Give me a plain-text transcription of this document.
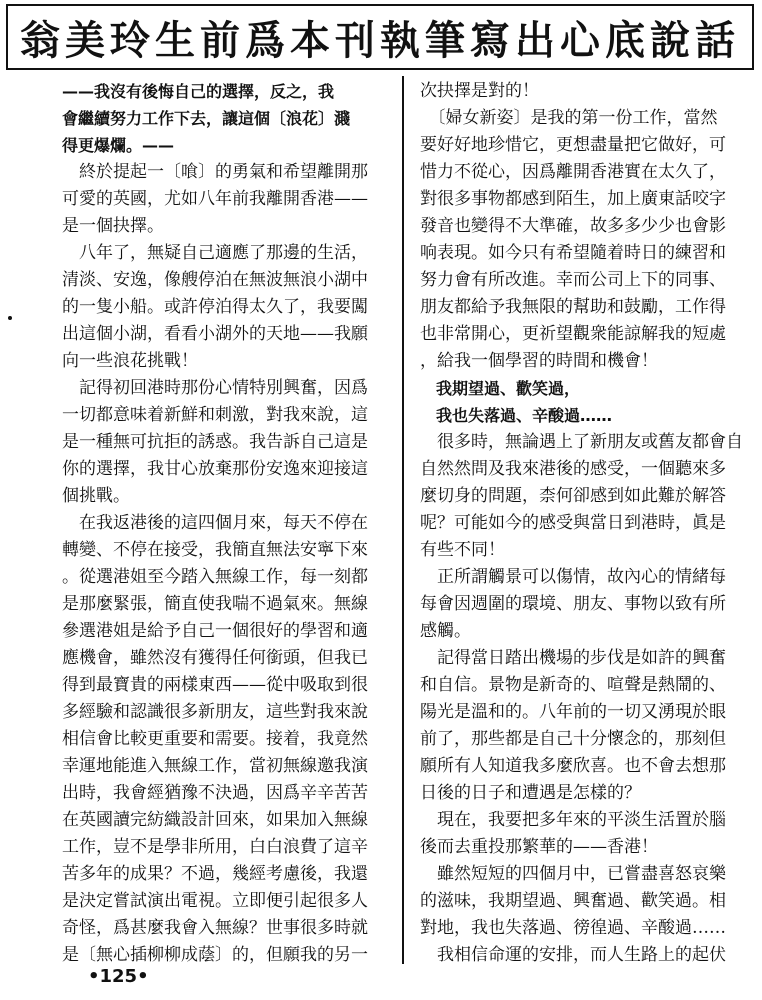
翁美玲生前爲本刊執筆寫出心底說話
——我沒有後悔自己的選擇，反之，我
會繼續努力工作下去，讓這個〔浪花〕濺
得更爆爛。——
　終於提起一〔喰〕的勇氣和希望離開那
可愛的英國，尤如八年前我離開香港——
是一個抉擇。
　八年了，無疑自己適應了那邊的生活，
清淡、安逸，像艘停泊在無波無浪小湖中
的一隻小船。或許停泊得太久了，我要闖
出這個小湖，看看小湖外的天地——我願
向一些浪花挑戰！
　記得初回港時那份心情特別興奮，因爲
一切都意味着新鮮和刺激，對我來說，這
是一種無可抗拒的誘惑。我告訴自己這是
你的選擇，我甘心放棄那份安逸來迎接這
個挑戰。
　在我返港後的這四個月來，每天不停在
轉變、不停在接受，我簡直無法安寧下來
。從選港姐至今踏入無線工作，每一刻都
是那麼緊張，簡直使我喘不過氣來。無線
參選港姐是給予自己一個很好的學習和適
應機會，雖然沒有獲得任何銜頭，但我已
得到最寶貴的兩樣東西——從中吸取到很
多經驗和認識很多新朋友，這些對我來說
相信會比較更重要和需要。接着，我竟然
幸運地能進入無線工作，當初無線邀我演
出時，我會經猶豫不決過，因爲辛辛苦苦
在英國讀完紡織設計回來，如果加入無線
工作，豈不是學非所用，白白浪費了這辛
苦多年的成果？不過，幾經考慮後，我還
是決定嘗試演出電視。立即便引起很多人
奇怪，爲甚麼我會入無線？世事很多時就
是〔無心插柳柳成蔭〕的，但願我的另一
次抉擇是對的！
　〔婦女新姿〕是我的第一份工作，當然
要好好地珍惜它，更想盡量把它做好，可
惜力不從心，因爲離開香港實在太久了，
對很多事物都感到陌生，加上廣東話咬字
發音也變得不大準確，故多多少少也會影
响表現。如今只有希望隨着時日的練習和
努力會有所改進。幸而公司上下的同事、
朋友都給予我無限的幫助和鼓勵，工作得
也非常開心，更祈望觀衆能諒解我的短處
，給我一個學習的時間和機會！
　我期望過、歡笑過，
　我也失落過、辛酸過……
　很多時，無論遇上了新朋友或舊友都會自
自然然問及我來港後的感受，一個聽來多
麼切身的問題，柰何卻感到如此難於解答
呢？可能如今的感受與當日到港時，眞是
有些不同！
　正所謂觸景可以傷情，故內心的情緒每
每會因週圍的環境、朋友、事物以致有所
感觸。
　記得當日踏出機場的步伐是如許的興奮
和自信。景物是新奇的、喧聲是熱鬧的、
陽光是溫和的。八年前的一切又湧現於眼
前了，那些都是自己十分懷念的，那刻但
願所有人知道我多麼欣喜。也不會去想那
日後的日子和遭遇是怎樣的？
　現在，我要把多年來的平淡生活置於腦
後而去重投那繁華的——香港！
　雖然短短的四個月中，已嘗盡喜怒哀樂
的滋味，我期望過、興奮過、歡笑過。相
對地，我也失落過、徬徨過、辛酸過……
　我相信命運的安排，而人生路上的起伏
•125•
